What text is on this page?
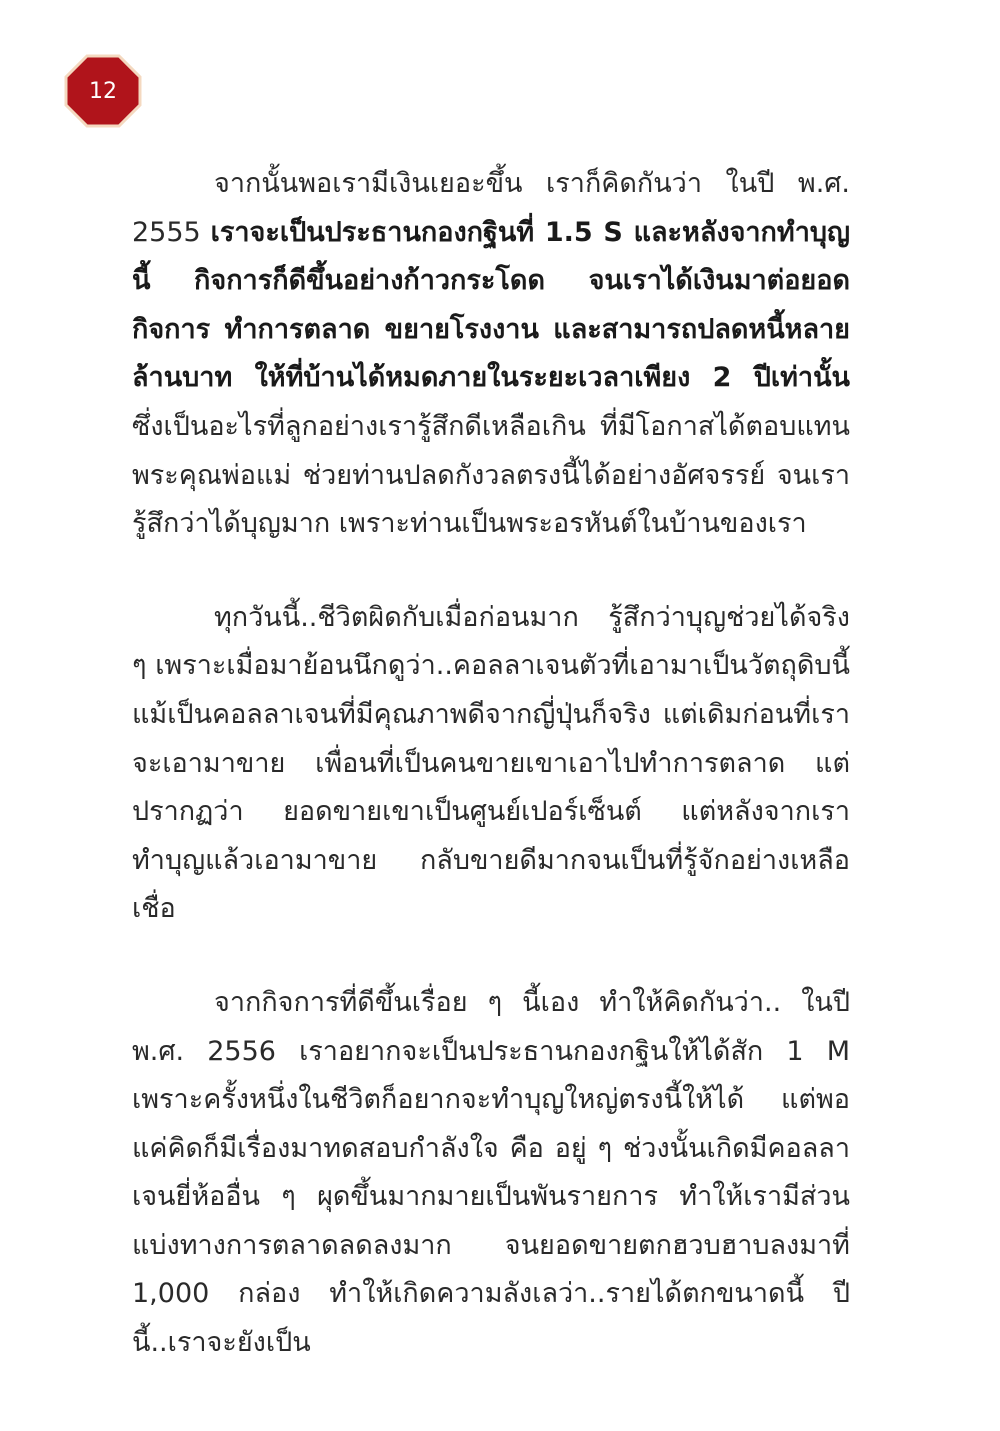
12

จากนั้นพอเรามีเงินเยอะขึ้น เราก็คิดกันว่า ในปี พ.ศ. 2555 เราจะเป็นประธานกองกฐินที่ 1.5 S และหลังจากทำบุญนี้ กิจการก็ดีขึ้นอย่างก้าวกระโดด จนเราได้เงินมาต่อยอดกิจการ ทำการตลาด ขยายโรงงาน และสามารถปลดหนี้หลายล้านบาท ให้ที่บ้านได้หมดภายในระยะเวลาเพียง 2 ปีเท่านั้น ซึ่งเป็นอะไรที่ลูกอย่างเรารู้สึกดีเหลือเกิน ที่มีโอกาสได้ตอบแทนพระคุณพ่อแม่ ช่วยท่านปลดกังวลตรงนี้ได้อย่างอัศจรรย์ จนเรารู้สึกว่าได้บุญมาก เพราะท่านเป็นพระอรหันต์ในบ้านของเรา

ทุกวันนี้..ชีวิตผิดกับเมื่อก่อนมาก รู้สึกว่าบุญช่วยได้จริง ๆ เพราะเมื่อมาย้อนนึกดูว่า..คอลลาเจนตัวที่เอามาเป็นวัตถุดิบนี้ แม้เป็นคอลลาเจนที่มีคุณภาพดีจากญี่ปุ่นก็จริง แต่เดิมก่อนที่เราจะเอามาขาย เพื่อนที่เป็นคนขายเขาเอาไปทำการตลาด แต่ปรากฏว่า ยอดขายเขาเป็นศูนย์เปอร์เซ็นต์ แต่หลังจากเราทำบุญแล้วเอามาขาย กลับขายดีมากจนเป็นที่รู้จักอย่างเหลือเชื่อ

จากกิจการที่ดีขึ้นเรื่อย ๆ นี้เอง ทำให้คิดกันว่า.. ในปี พ.ศ. 2556 เราอยากจะเป็นประธานกองกฐินให้ได้สัก 1 M เพราะครั้งหนึ่งในชีวิตก็อยากจะทำบุญใหญ่ตรงนี้ให้ได้ แต่พอแค่คิดก็มีเรื่องมาทดสอบกำลังใจ คือ อยู่ ๆ ช่วงนั้นเกิดมีคอลลาเจนยี่ห้ออื่น ๆ ผุดขึ้นมากมายเป็นพันรายการ ทำให้เรามีส่วนแบ่งทางการตลาดลดลงมาก จนยอดขายตกฮวบฮาบลงมาที่ 1,000 กล่อง ทำให้เกิดความลังเลว่า..รายได้ตกขนาดนี้ ปีนี้..เราจะยังเป็น
